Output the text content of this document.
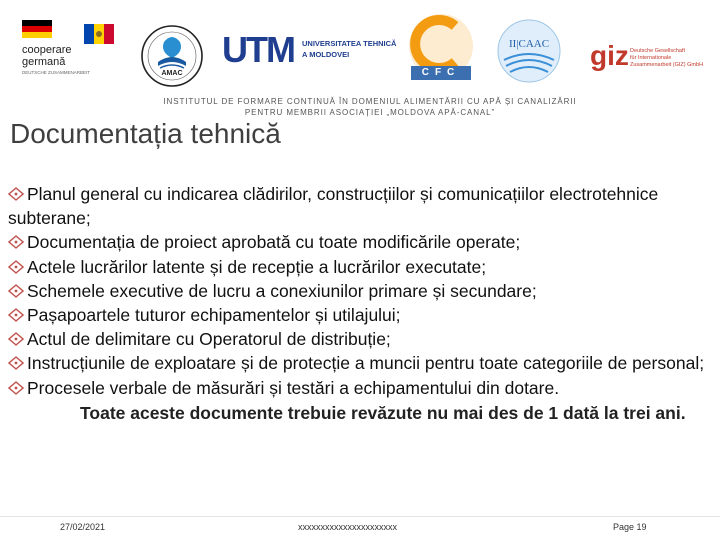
cooperare
germană
DEUTSCHE ZUSAMMENARBEIT	AMAC
UTM UNIVERSITATEA TEHNICĂ
A MOLDOVEI
CFC
II|CAAC	giz Deutsche Gesellschaft
für Internationale
Zusammenarbeit (GIZ) GmbH
INSTITUTUL DE FORMARE CONTINUĂ ÎN DOMENIUL ALIMENTĂRII CU APĂ ȘI CANALIZĂRII
PENTRU MEMBRII ASOCIAȚIEI „MOLDOVA APĂ-CANAL”
Documentația tehnică

Planul general cu indicarea clădirilor, construcțiilor și comunicațiilor electrotehnice subterane;

Documentația de proiect aprobată cu toate modificările operate;

Actele lucrărilor latente și de recepție a lucrărilor executate;

Schemele executive de lucru a conexiunilor primare și secundare;

Pașapoartele tuturor echipamentelor și utilajului;

Actul de delimitare cu Operatorul de distribuție;

Instrucțiunile de exploatare și de protecție a muncii pentru toate categoriile de personal;

Procesele verbale de măsurări și testări a echipamentului din dotare.

Toate aceste documente trebuie revăzute nu mai des de 1 dată la trei ani.

27/02/2021	xxxxxxxxxxxxxxxxxxxxxx	Page 19
